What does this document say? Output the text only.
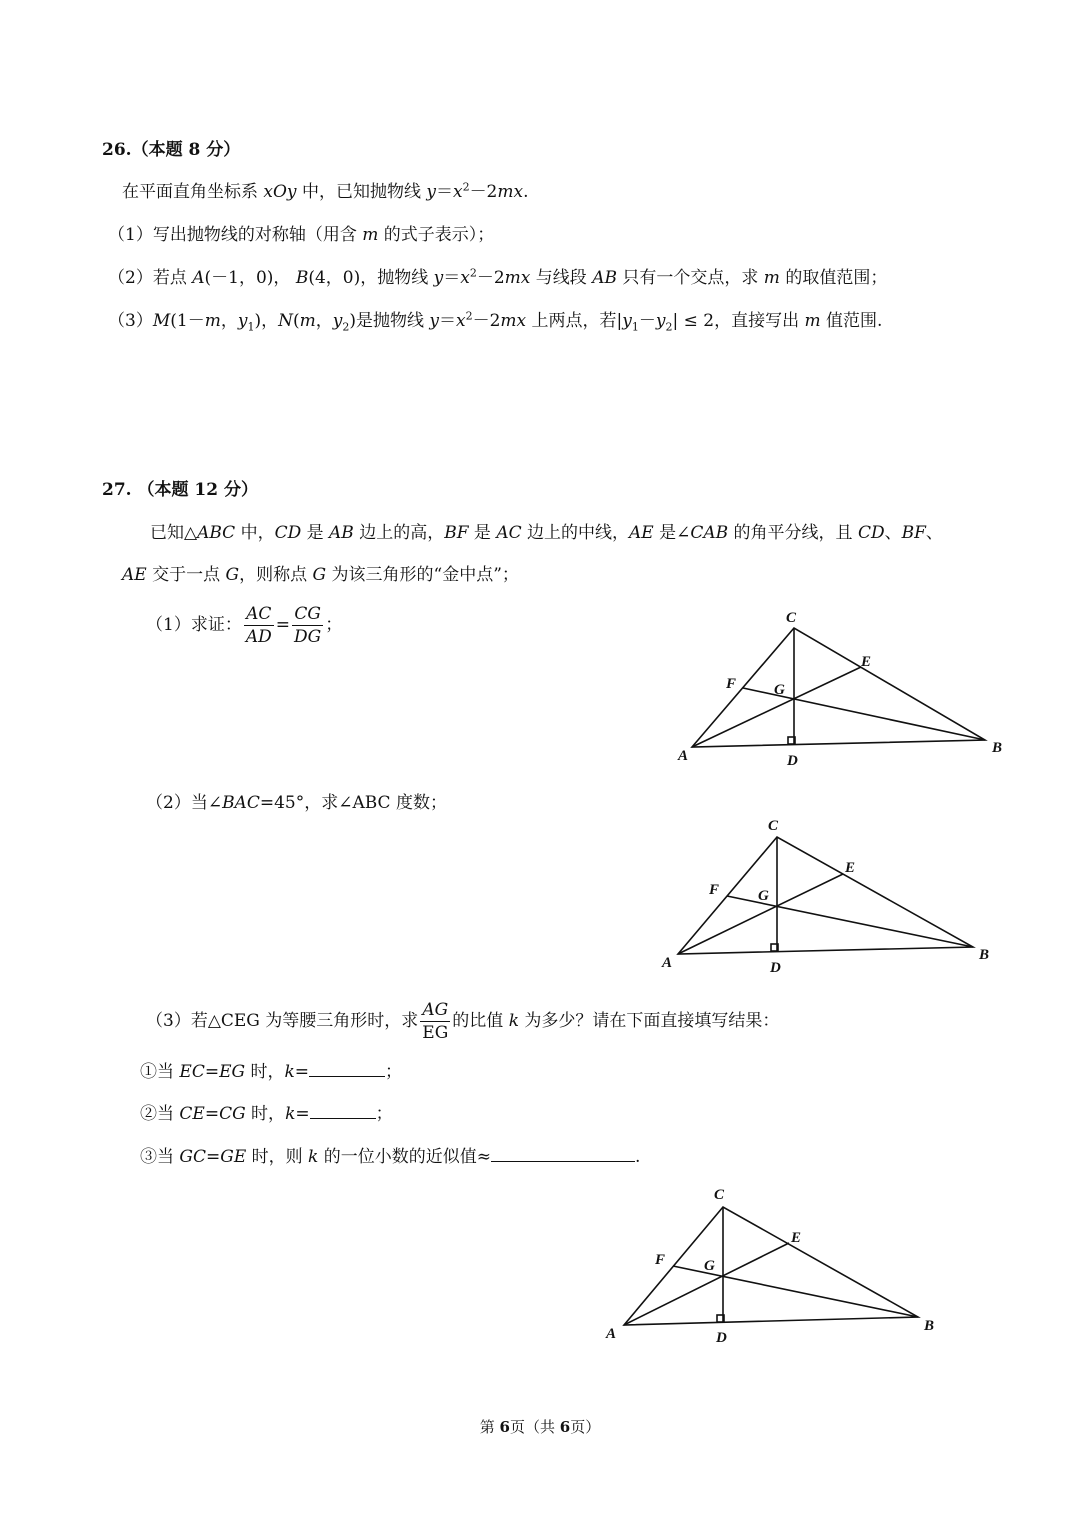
26.（本题 8 分）
在平面直角坐标系 xOy 中，已知抛物线 $y=x^2-2mx$.
（1）写出抛物线的对称轴（用含 m 的式子表示）；
（2）若点 A(－1，0)， B(4，0)，抛物线 $y=x^2-2mx$ 与线段 AB 只有一个交点，求 m 的取值范围；
（3）M(1－m，$y_1$)，N(m，$y_2$)是抛物线 $y=x^2-2mx$ 上两点，若$|y_1-y_2| \le 2$，直接写出 m 值范围.
27. （本题 12 分）
已知△ABC 中，CD 是 AB 边上的高，BF 是 AC 边上的中线，AE 是∠CAB 的角平分线，且 CD、BF、
AE 交于一点 G，则称点 G 为该三角形的“金中点”；
（1）求证： $\frac{AC}{AD} = \frac{CG}{DG}$ ；
A
C
B
D
E
F	G
（2）当∠BAC=45°，求∠ABC 度数；
A
C
B
D
E
F	G
（3）若△CEG 为等腰三角形时，求 $\frac{AG}{EG}$ 的比值 k 为多少？请在下面直接填写结果：
①当 EC=EG 时，k=	；
②当 CE=CG 时，k=	；
③当 GC=GE 时，则 k 的一位小数的近似值≈	.
A
C
B
D
E
F	G
第 6页（共 6页）
